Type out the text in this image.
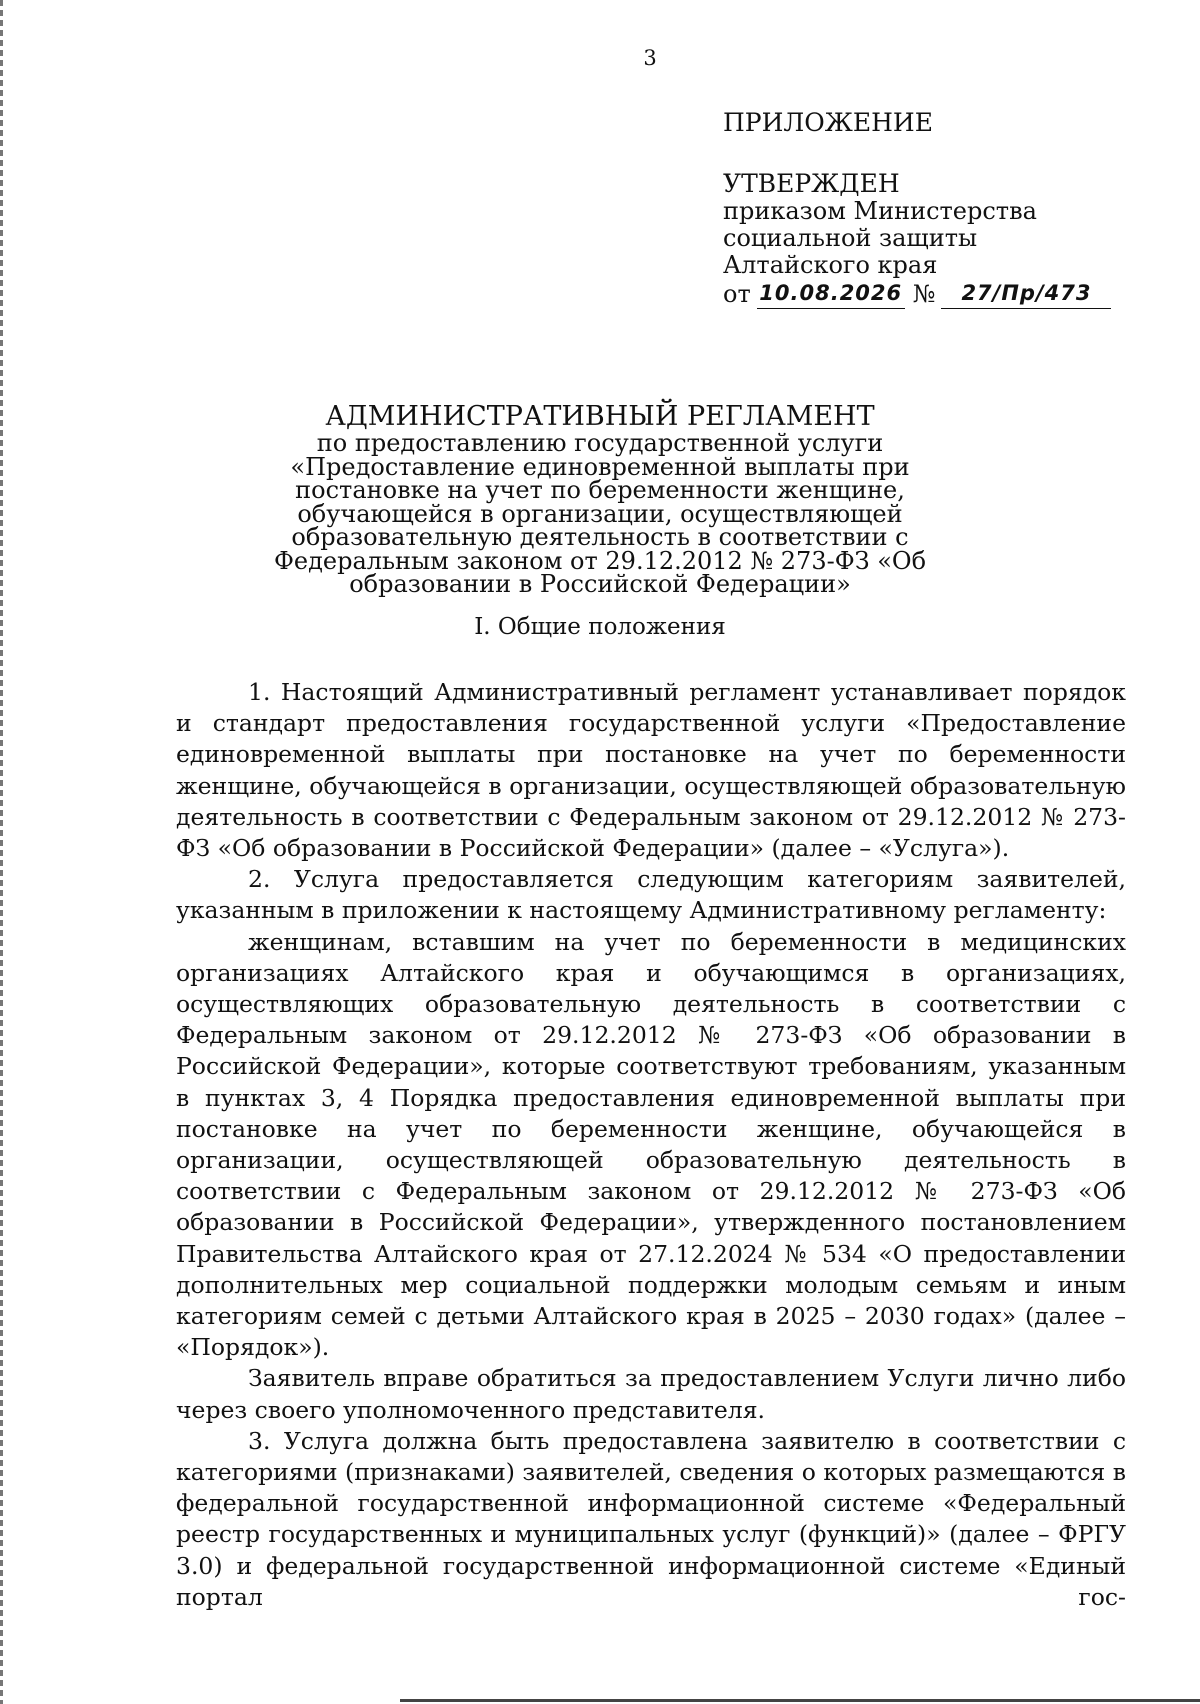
3
ПРИЛОЖЕНИЕ
УТВЕРЖДЕН
приказом Министерства
социальной защиты
Алтайского края
от 10.08.2026 №	27/Пр/473
АДМИНИСТРАТИВНЫЙ РЕГЛАМЕНТ
по предоставлению государственной услуги «Предоставление единовременной выплаты при постановке на учет по беременности женщине, обучающейся в организации, осуществляющей образовательную деятельность в соответствии с Федеральным законом от 29.12.2012 № 273-ФЗ «Об образовании в Российской Федерации»
I. Общие положения

1. Настоящий Административный регламент устанавливает порядок и стандарт предоставления государственной услуги «Предоставление единовременной выплаты при постановке на учет по беременности женщине, обучающейся в организации, осуществляющей образовательную деятельность в соответствии с Федеральным законом от 29.12.2012 № 273-ФЗ «Об образовании в Российской Федерации» (далее – «Услуга»).

2. Услуга предоставляется следующим категориям заявителей, указанным в приложении к настоящему Административному регламенту:

женщинам, вставшим на учет по беременности в медицинских организациях Алтайского края и обучающимся в организациях, осуществляющих образовательную деятельность в соответствии с Федеральным законом от 29.12.2012 № 273-ФЗ «Об образовании в Российской Федерации», которые соответствуют требованиям, указанным в пунктах 3, 4 Порядка предоставления единовременной выплаты при постановке на учет по беременности женщине, обучающейся в организации, осуществляющей образовательную деятельность в соответствии с Федеральным законом от 29.12.2012 № 273-ФЗ «Об образовании в Российской Федерации», утвержденного постановлением Правительства Алтайского края от 27.12.2024 № 534 «О предоставлении дополнительных мер социальной поддержки молодым семьям и иным категориям семей с детьми Алтайского края в 2025 – 2030 годах» (далее – «Порядок»).

Заявитель вправе обратиться за предоставлением Услуги лично либо через своего уполномоченного представителя.

3. Услуга должна быть предоставлена заявителю в соответствии с категориями (признаками) заявителей, сведения о которых размещаются в федеральной государственной информационной системе «Федеральный реестр государственных и муниципальных услуг (функций)» (далее – ФРГУ 3.0) и федеральной государственной информационной системе «Единый портал гос-
